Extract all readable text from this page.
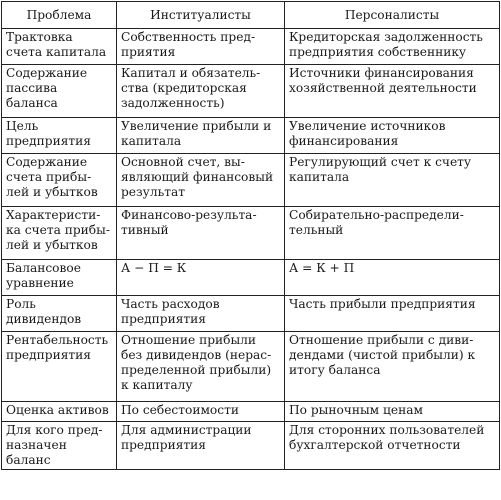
Проблема	Институалисты	Персоналисты
Трактовка счета капитала	Собственность пред-приятия	Кредиторская задолженность предприятия собственнику
Содержание пассива баланса	Капитал и обязатель-ства (кредиторская задолженность)	Источники финансирования хозяйственной деятельности
Цель предприятия	Увеличение прибыли и капитала	Увеличение источников финансирования
Содержание счета прибы-лей и убытков	Основной счет, вы-являющий финансовый результат	Регулирующий счет к счету капитала
Характеристи-ка счета прибы-лей и убытков	Финансово-результа-тивный	Собирательно-распредели-тельный
Балансовое уравнение	А − П = К	А = К + П
Роль дивидендов	Часть расходов предприятия	Часть прибыли предприятия
Рентабельность предприятия	Отношение прибыли без дивидендов (нерас-пределенной прибыли) к капиталу	Отношение прибыли с диви-дендами (чистой прибыли) к итогу баланса
Оценка активов	По себестоимости	По рыночным ценам
Для кого пред-назначен баланс	Для администрации предприятия	Для сторонних пользователей бухгалтерской отчетности
